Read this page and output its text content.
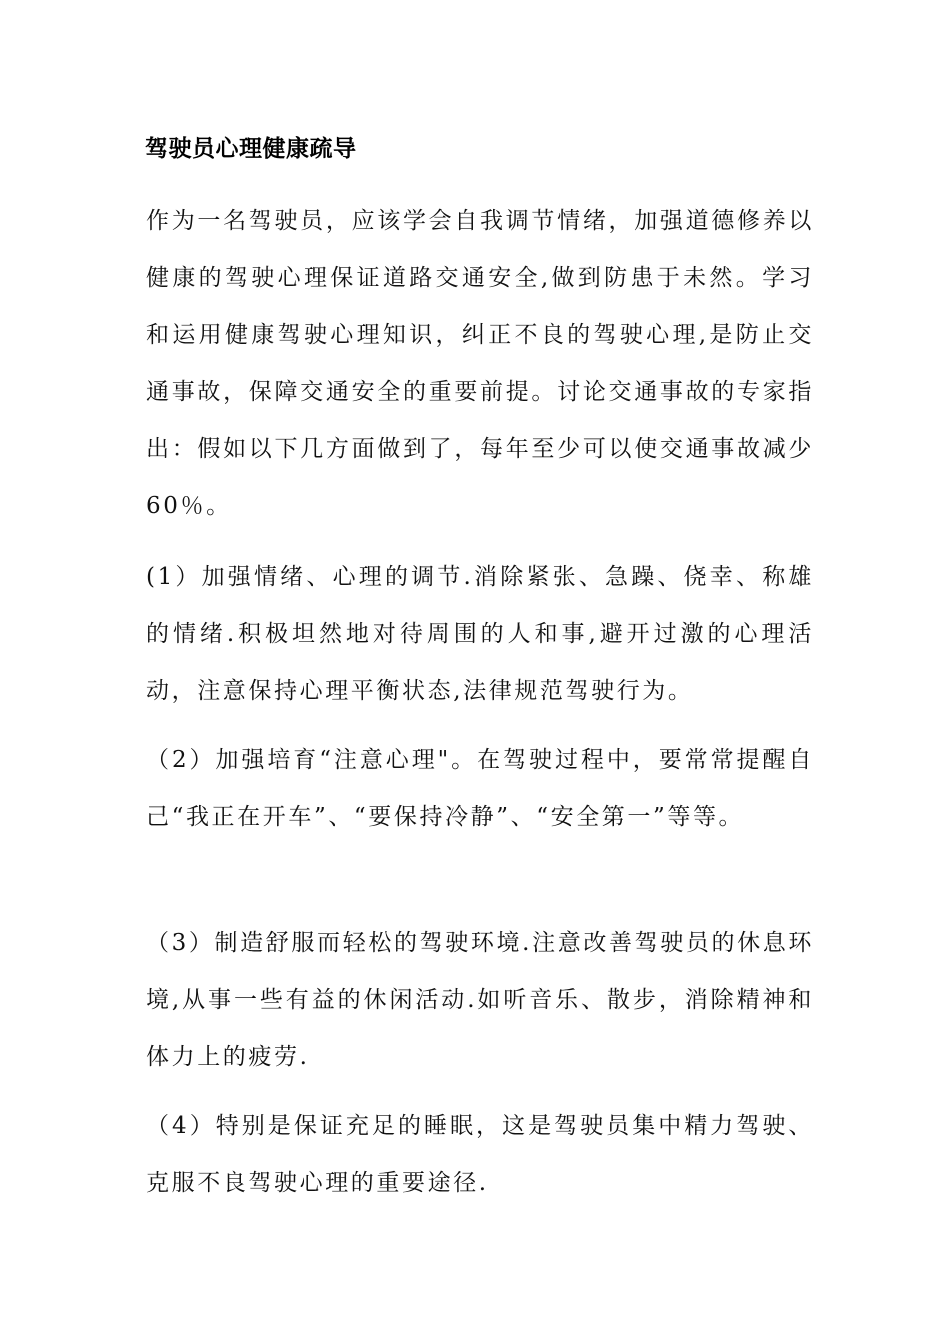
驾驶员心理健康疏导

作为一名驾驶员，应该学会自我调节情绪，加强道德修养以健康的驾驶心理保证道路交通安全,做到防患于未然。学习和运用健康驾驶心理知识，纠正不良的驾驶心理,是防止交通事故，保障交通安全的重要前提。讨论交通事故的专家指出：假如以下几方面做到了，每年至少可以使交通事故减少60％。

(1）加强情绪、心理的调节.消除紧张、急躁、侥幸、称雄的情绪.积极坦然地对待周围的人和事,避开过激的心理活动，注意保持心理平衡状态,法律规范驾驶行为。

（2）加强培育“注意心理"。在驾驶过程中，要常常提醒自己“我正在开车”、“要保持冷静”、“安全第一”等等。

（3）制造舒服而轻松的驾驶环境.注意改善驾驶员的休息环境,从事一些有益的休闲活动.如听音乐、散步，消除精神和体力上的疲劳.

（4）特别是保证充足的睡眠，这是驾驶员集中精力驾驶、克服不良驾驶心理的重要途径.
